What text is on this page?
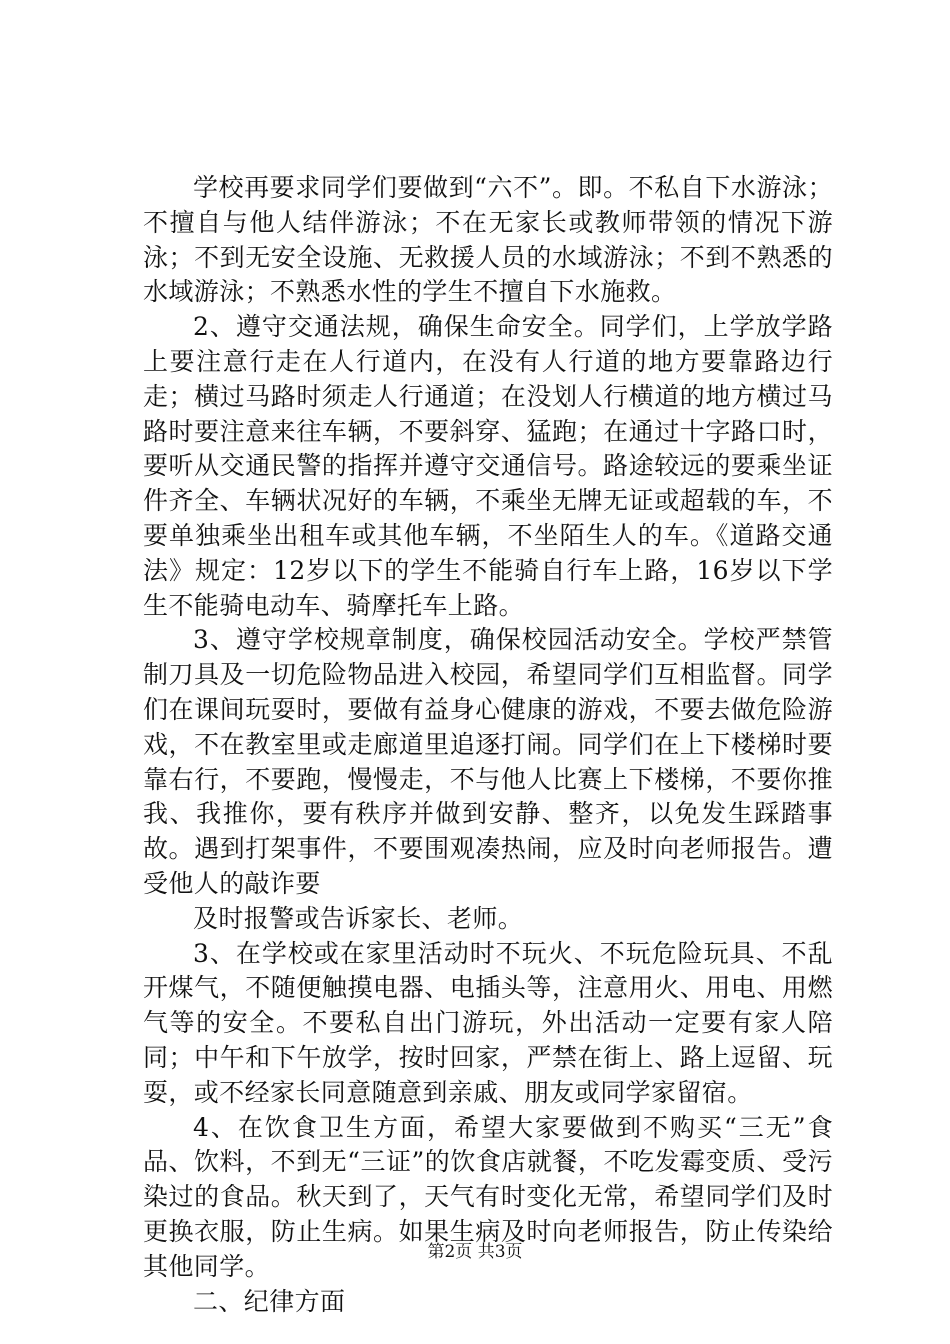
学校再要求同学们要做到“六不”。即。不私自下水游泳；不擅自与他人结伴游泳；不在无家长或教师带领的情况下游泳；不到无安全设施、无救援人员的水域游泳；不到不熟悉的水域游泳；不熟悉水性的学生不擅自下水施救。

2、遵守交通法规，确保生命安全。同学们，上学放学路上要注意行走在人行道内，在没有人行道的地方要靠路边行走；横过马路时须走人行通道；在没划人行横道的地方横过马路时要注意来往车辆，不要斜穿、猛跑；在通过十字路口时，要听从交通民警的指挥并遵守交通信号。路途较远的要乘坐证件齐全、车辆状况好的车辆，不乘坐无牌无证或超载的车，不要单独乘坐出租车或其他车辆，不坐陌生人的车。《道路交通法》规定：12岁以下的学生不能骑自行车上路，16岁以下学生不能骑电动车、骑摩托车上路。

3、遵守学校规章制度，确保校园活动安全。学校严禁管制刀具及一切危险物品进入校园，希望同学们互相监督。同学们在课间玩耍时，要做有益身心健康的游戏，不要去做危险游戏，不在教室里或走廊道里追逐打闹。同学们在上下楼梯时要靠右行，不要跑，慢慢走，不与他人比赛上下楼梯，不要你推我、我推你，要有秩序并做到安静、整齐，以免发生踩踏事故。遇到打架事件，不要围观凑热闹，应及时向老师报告。遭受他人的敲诈要

及时报警或告诉家长、老师。

3、在学校或在家里活动时不玩火、不玩危险玩具、不乱开煤气，不随便触摸电器、电插头等，注意用火、用电、用燃气等的安全。不要私自出门游玩，外出活动一定要有家人陪同；中午和下午放学，按时回家，严禁在街上、路上逗留、玩耍，或不经家长同意随意到亲戚、朋友或同学家留宿。

4、在饮食卫生方面，希望大家要做到不购买“三无”食品、饮料，不到无“三证”的饮食店就餐，不吃发霉变质、受污染过的食品。秋天到了，天气有时变化无常，希望同学们及时更换衣服，防止生病。如果生病及时向老师报告，防止传染给其他同学。

二、纪律方面

第2页 共3页
